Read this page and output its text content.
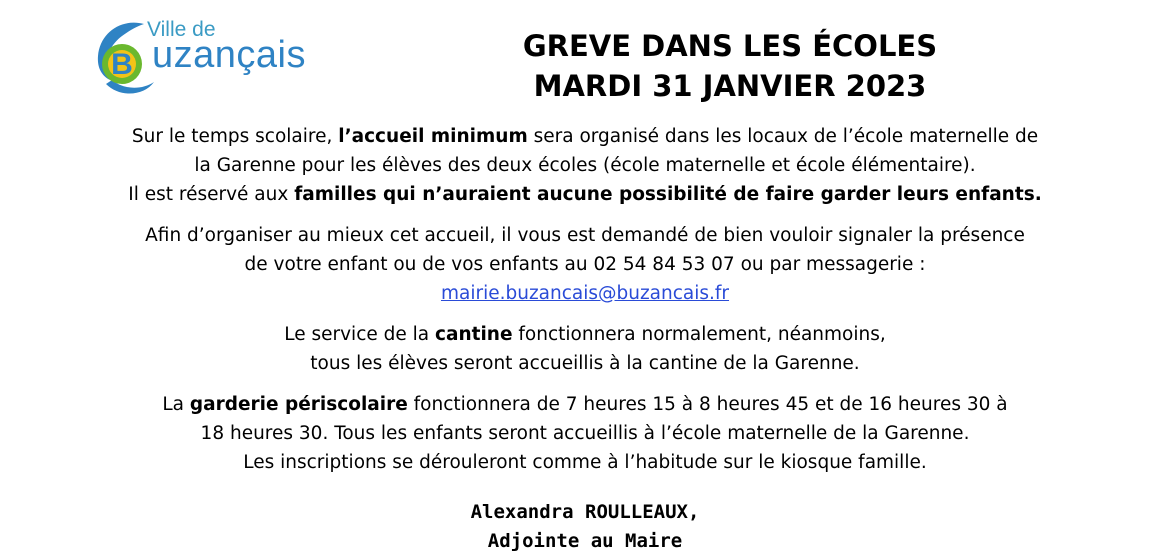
B
Ville de
uzançais	GREVE DANS LES ÉCOLES
MARDI 31 JANVIER 2023

Sur le temps scolaire, l’accueil minimum sera organisé dans les locaux de l’école maternelle de
la Garenne pour les élèves des deux écoles (école maternelle et école élémentaire).
Il est réservé aux familles qui n’auraient aucune possibilité de faire garder leurs enfants.

Afin d’organiser au mieux cet accueil, il vous est demandé de bien vouloir signaler la présence
de votre enfant ou de vos enfants au 02 54 84 53 07 ou par messagerie :
mairie.buzancais@buzancais.fr

Le service de la cantine fonctionnera normalement, néanmoins,
tous les élèves seront accueillis à la cantine de la Garenne.

La garderie périscolaire fonctionnera de 7 heures 15 à 8 heures 45 et de 16 heures 30 à
18 heures 30. Tous les enfants seront accueillis à l’école maternelle de la Garenne.
Les inscriptions se dérouleront comme à l’habitude sur le kiosque famille.

Alexandra ROULLEAUX,
Adjointe au Maire
